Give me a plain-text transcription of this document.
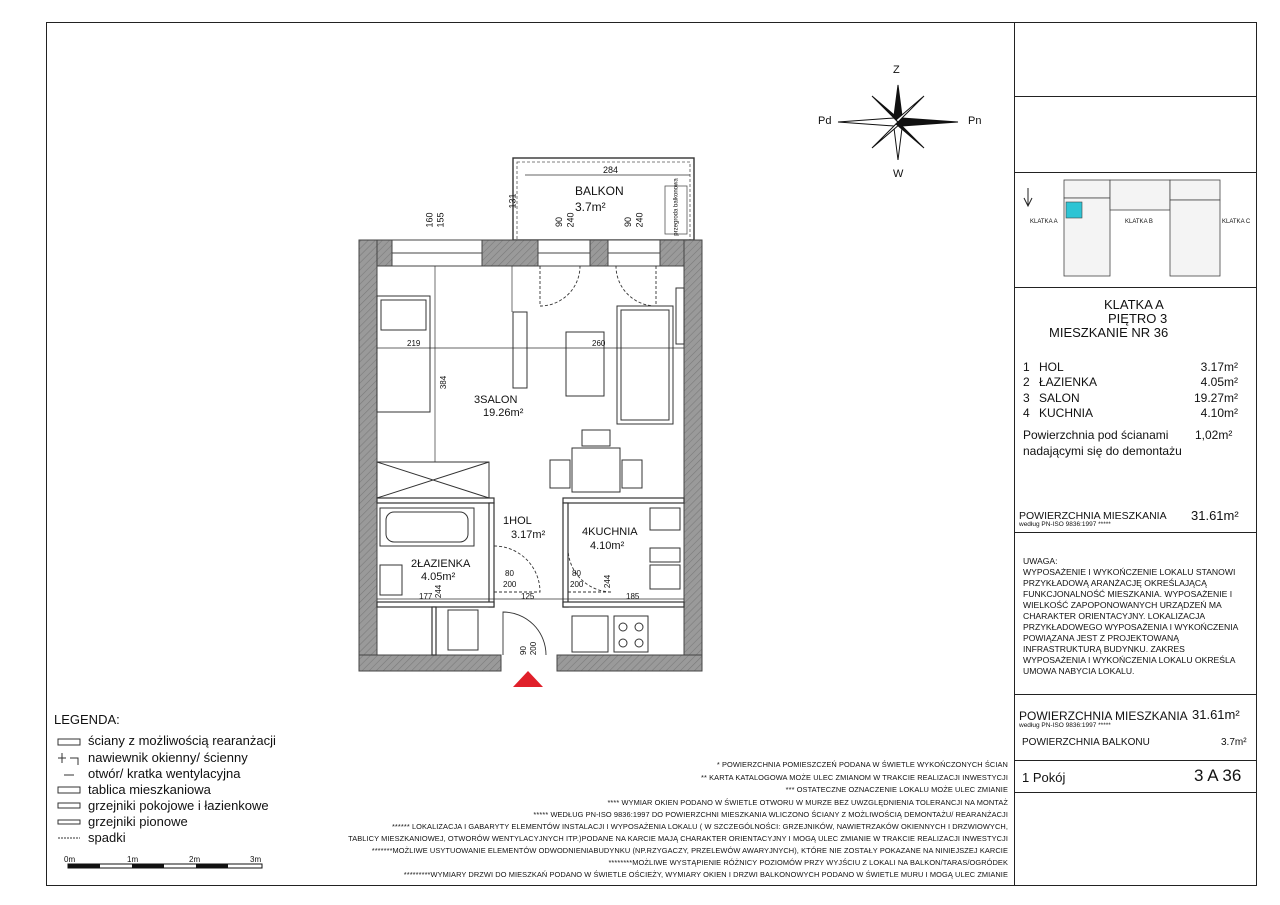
Z
W
Pd	Pn
284
BALKON
3.7m²
131	przegroda balkonowa
90 240	90 240
160 155
3SALON
19.26m²
1HOL
3.17m²
2ŁAZIENKA
4.05m²
4KUCHNIA
4.10m²
219	260
384
80
200
80
200
177	125	185
244
244
90 200
LEGENDA:
ściany z możliwością rearanżacji
nawiewnik okienny/ ścienny
otwór/ kratka wentylacyjna
tablica mieszkaniowa
grzejniki pokojowe i łazienkowe
grzejniki pionowe
spadki
0m	1m	2m	3m
* POWIERZCHNIA POMIESZCZEŃ PODANA W ŚWIETLE WYKOŃCZONYCH ŚCIAN
** KARTA KATALOGOWA MOŻE ULEC ZMIANOM W TRAKCIE REALIZACJI INWESTYCJI
*** OSTATECZNE OZNACZENIE LOKALU MOŻE ULEC ZMIANIE
**** WYMIAR OKIEN PODANO W ŚWIETLE OTWORU W MURZE BEZ UWZGLĘDNIENIA TOLERANCJI NA MONTAŻ
***** WEDŁUG PN-ISO 9836:1997 DO POWIERZCHNI MIESZKANIA WLICZONO ŚCIANY Z MOŻLIWOŚCIĄ DEMONTAŻU/ REARANŻACJI
****** LOKALIZACJA I GABARYTY ELEMENTÓW INSTALACJI I WYPOSAŻENIA LOKALU ( W SZCZEGÓLNOŚCI: GRZEJNIKÓW, NAWIETRZAKÓW OKIENNYCH I DRZWIOWYCH,
TABLICY MIESZKANIOWEJ, OTWORÓW WENTYLACYJNYCH ITP.)PODANE NA KARCIE MAJĄ CHARAKTER ORIENTACYJNY I MOGĄ ULEC ZMIANIE W TRAKCIE REALIZACJI INWESTYCJI
*******MOŻLIWE USYTUOWANIE ELEMENTÓW ODWODNIENIABUDYNKU (NP.RZYGACZY, PRZELEWÓW AWARYJNYCH), KTÓRE NIE ZOSTAŁY POKAZANE NA NINIEJSZEJ KARCIE
********MOŻLIWE WYSTĄPIENIE RÓŻNICY POZIOMÓW PRZY WYJŚCIU Z LOKALI NA BALKON/TARAS/OGRÓDEK
*********WYMIARY DRZWI DO MIESZKAŃ PODANO W ŚWIETLE OŚCIEŻY, WYMIARY OKIEN I DRZWI BALKONOWYCH PODANO W ŚWIETLE MURU I MOGĄ ULEC ZMIANIE
KLATKA A	KLATKA B	KLATKA C
KLATKA A
PIĘTRO 3
MIESZKANIE NR 36
1 HOL	3.17m²
2 ŁAZIENKA	4.05m²
3 SALON	19.27m²
4 KUCHNIA	4.10m²
Powierzchnia pod ścianami
nadającymi się do demontażu
1,02m²
POWIERZCHNIA MIESZKANIA
według PN-ISO 9836:1997 *****
31.61m²
UWAGA:
WYPOSAŻENIE I WYKOŃCZENIE LOKALU STANOWI PRZYKŁADOWĄ ARANŻACJĘ OKREŚLAJĄCĄ FUNKCJONALNOŚĆ MIESZKANIA. WYPOSAŻENIE I WIELKOŚĆ ZAPOPONOWANYCH URZĄDZEŃ MA CHARAKTER ORIENTACYJNY. LOKALIZACJA PRZYKŁADOWEGO WYPOSAŻENIA I WYKOŃCZENIA POWIĄZANA JEST Z PROJEKTOWANĄ INFRASTRUKTURĄ BUDYNKU. ZAKRES WYPOSAŻENIA I WYKOŃCZENIA LOKALU OKREŚLA UMOWA NABYCIA LOKALU.
POWIERZCHNIA MIESZKANIA
według PN-ISO 9836:1997 *****
31.61m²
POWIERZCHNIA BALKONU	3.7m²
1 Pokój	3 A 36
